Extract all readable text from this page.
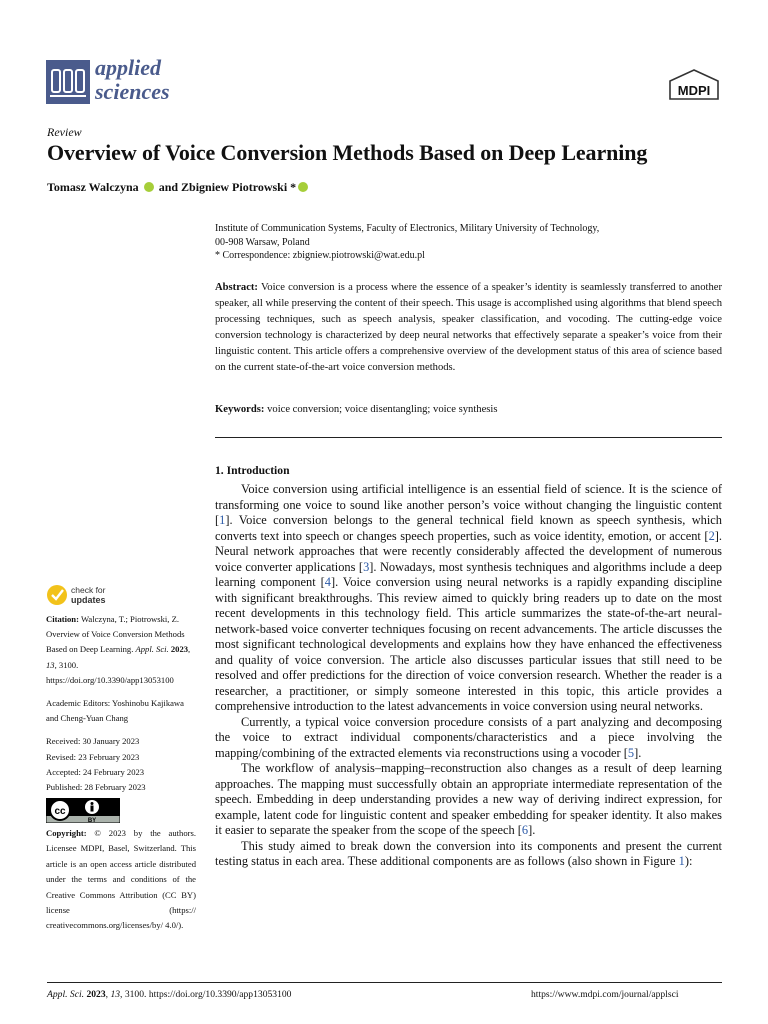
applied
sciences	MDPI
Review
Overview of Voice Conversion Methods Based on Deep Learning
Tomasz Walczyna and Zbigniew Piotrowski *
Institute of Communication Systems, Faculty of Electronics, Military University of Technology,
00-908 Warsaw, Poland
* Correspondence: zbigniew.piotrowski@wat.edu.pl
Abstract: Voice conversion is a process where the essence of a speaker’s identity is seamlessly transferred to another speaker, all while preserving the content of their speech. This usage is accomplished using algorithms that blend speech processing techniques, such as speech analysis, speaker classification, and vocoding. The cutting-edge voice conversion technology is characterized by deep neural networks that effectively separate a speaker’s voice from their linguistic content. This article offers a comprehensive overview of the development status of this area of science based on the current state-of-the-art voice conversion methods.
Keywords: voice conversion; voice disentangling; voice synthesis
1. Introduction

Voice conversion using artificial intelligence is an essential field of science. It is the science of transforming one voice to sound like another person’s voice without changing the linguistic content [1]. Voice conversion belongs to the general technical field known as speech synthesis, which converts text into speech or changes speech properties, such as voice identity, emotion, or accent [2]. Neural network approaches that were recently considerably affected the development of numerous voice converter applications [3]. Nowadays, most synthesis techniques and algorithms include a deep learning component [4]. Voice conversion using neural networks is a rapidly expanding discipline with significant breakthroughs. This review aimed to quickly bring readers up to date on the most recent developments in this technology field. This article summarizes the state-of-the-art neural-network-based voice converter techniques focusing on recent advancements. The article discusses the most significant technological developments and explains how they have enhanced the effectiveness and quality of voice conversion. The article also discusses particular issues that still need to be resolved and offer predictions for the direction of voice conversion research. Whether the reader is a researcher, a practitioner, or simply someone interested in this topic, this article provides a comprehensive introduction to the latest advancements in voice conversion using neural networks.

Currently, a typical voice conversion procedure consists of a part analyzing and decomposing the voice to extract individual components/characteristics and a piece involving the mapping/combining of the extracted elements via reconstructions using a vocoder [5].

The workflow of analysis–mapping–reconstruction also changes as a result of deep learning approaches. The mapping must successfully obtain an appropriate intermediate representation of the speech. Embedding in deep understanding provides a new way of deriving indirect expression, for example, latent code for linguistic content and speaker embedding for speaker identity. It also makes it easier to separate the speaker from the scope of the speech [6].

This study aimed to break down the conversion into its components and present the current testing status in each area. These additional components are as follows (also shown in Figure 1):

check for
updates

Citation: Walczyna, T.; Piotrowski, Z. Overview of Voice Conversion Methods Based on Deep Learning. Appl. Sci. 2023, 13, 3100. https://doi.org/10.3390/app13053100

Academic Editors: Yoshinobu Kajikawa and Cheng-Yuan Chang

Received: 30 January 2023
Revised: 23 February 2023
Accepted: 24 February 2023
Published: 28 February 2023

cc
BY
Copyright: © 2023 by the authors. Licensee MDPI, Basel, Switzerland. This article is an open access article distributed under the terms and conditions of the Creative Commons Attribution (CC BY) license (https:// creativecommons.org/licenses/by/ 4.0/).
Appl. Sci. 2023, 13, 3100. https://doi.org/10.3390/app13053100	https://www.mdpi.com/journal/applsci
